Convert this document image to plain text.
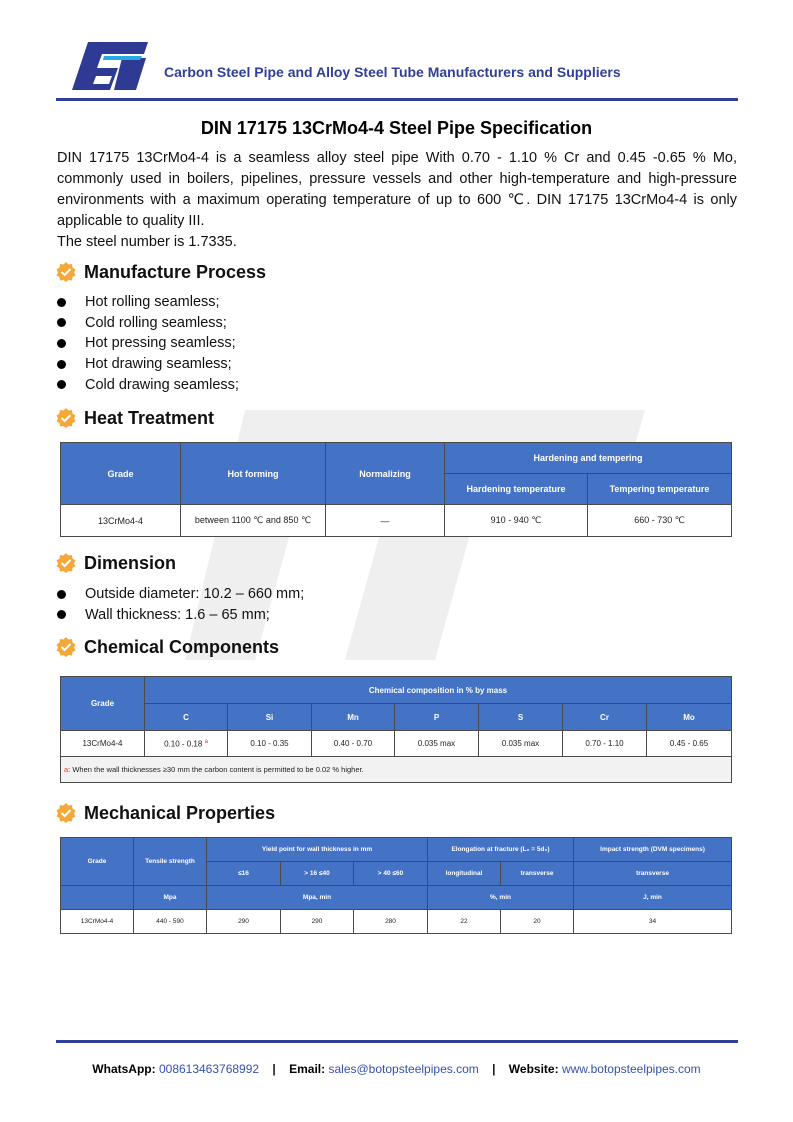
Carbon Steel Pipe and Alloy Steel Tube Manufacturers and Suppliers
DIN 17175 13CrMo4-4 Steel Pipe Specification

DIN 17175 13CrMo4-4 is a seamless alloy steel pipe With 0.70 - 1.10 % Cr and 0.45 -0.65 % Mo, commonly used in boilers, pipelines, pressure vessels and other high-temperature and high-pressure environments with a maximum operating temperature of up to 600 ℃. DIN 17175 13CrMo4-4 is only applicable to quality III.

The steel number is 1.7335.

Manufacture Process
Hot rolling seamless;
Cold rolling seamless;
Hot pressing seamless;
Hot drawing seamless;
Cold drawing seamless;
Heat Treatment
Grade	Hot forming	Normalizing	Hardening and tempering	
			Hardening temperature	Tempering temperature
13CrMo4-4	between 1100 ℃ and 850 ℃	—	910 - 940 ℃	660 - 730 ℃
Dimension
Outside diameter: 10.2 – 660 mm;
Wall thickness: 1.6 – 65 mm;
Chemical Components
Grade	Chemical composition in % by mass						
	C	Si	Mn	P	S	Cr	Mo
13CrMo4-4	0.10 - 0.18 $^a$	0.10 - 0.35	0.40 - 0.70	0.035 max	0.035 max	0.70 - 1.10	0.45 - 0.65
a: When the wall thicknesses ≥30 mm the carbon content is permitted to be 0.02 % higher.							
Mechanical Properties
Grade	Tensile strength	Yield point for wall thickness in mm			Elongation at fracture (L₀ = 5d₀)		Impact strength (DVM specimens)
		≤16	> 16 ≤40	> 40 ≤60	longitudinal	transverse	transverse
	Mpa	Mpa, min			%, min		J, min
13CrMo4-4	440 - 590	290	290	280	22	20	34
WhatsApp: 008613463768992 | Email: sales@botopsteelpipes.com | Website: www.botopsteelpipes.com
